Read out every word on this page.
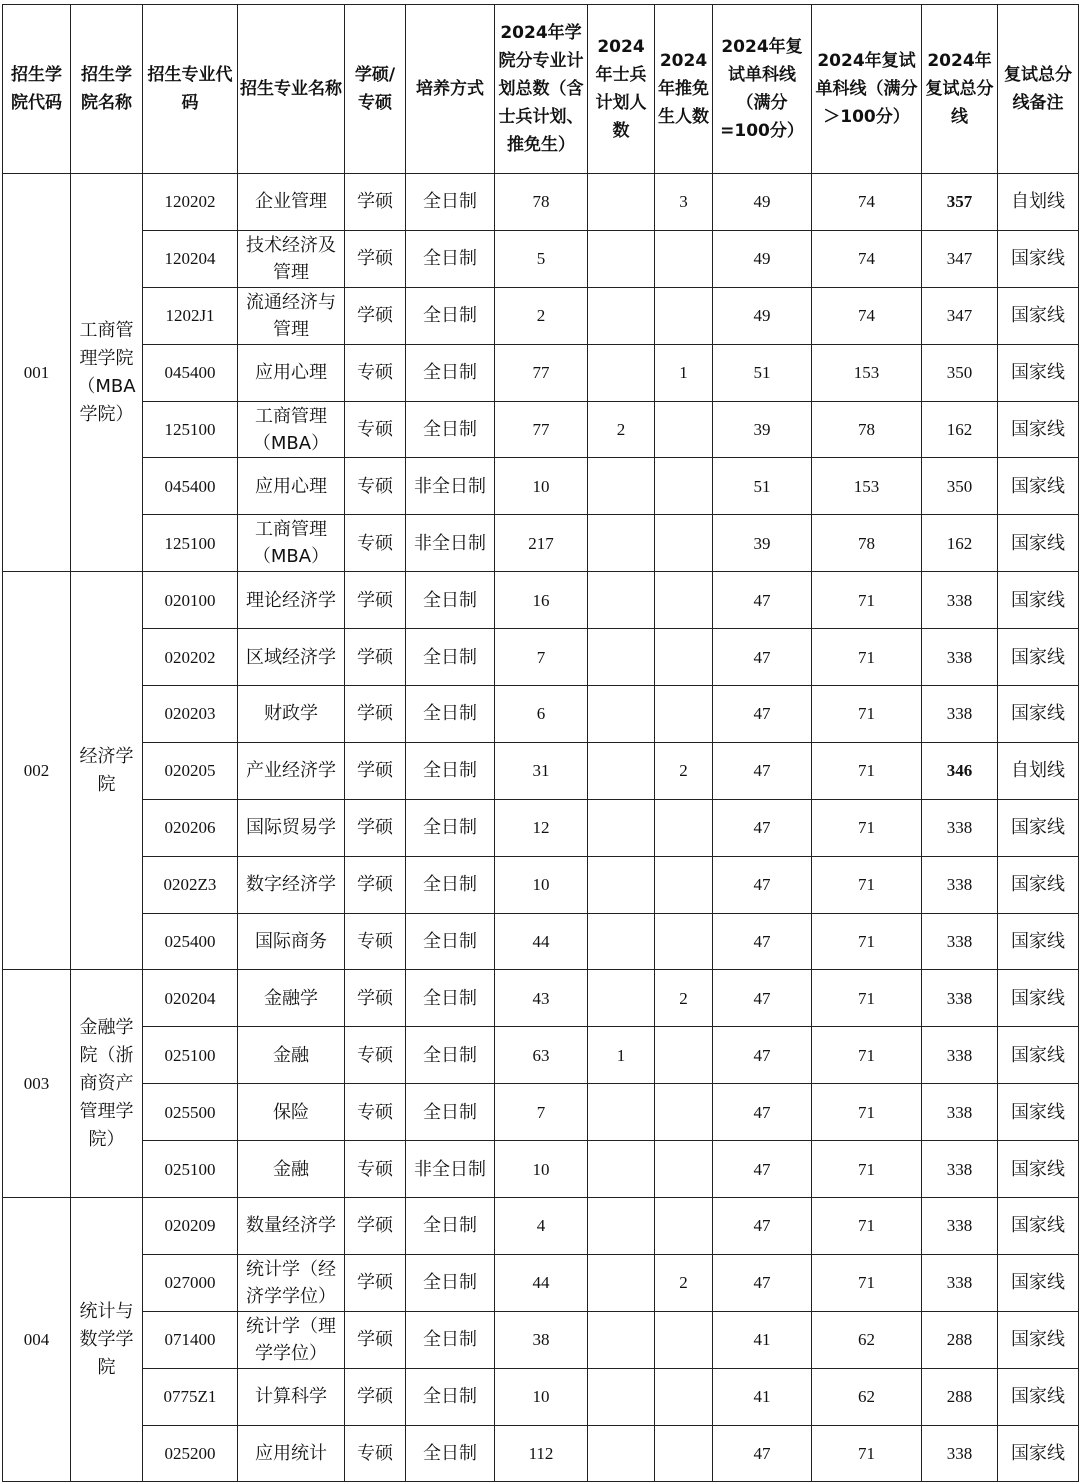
招生学院代码	招生学院名称	招生专业代码	招生专业名称	学硕/专硕	培养方式	2024年学院分专业计划总数（含士兵计划、推免生）	2024年士兵计划人数	2024年推免生人数	2024年复试单科线（满分=100分）	2024年复试单科线（满分＞100分）	2024年复试总分线	复试总分线备注
001	工商管理学院（MBA学院）	120202	企业管理	学硕	全日制	78		3	49	74	357	自划线
		120204	技术经济及管理	学硕	全日制	5			49	74	347	国家线
		1202J1	流通经济与管理	学硕	全日制	2			49	74	347	国家线
		045400	应用心理	专硕	全日制	77		1	51	153	350	国家线
		125100	工商管理（MBA）	专硕	全日制	77	2		39	78	162	国家线
		045400	应用心理	专硕	非全日制	10			51	153	350	国家线
		125100	工商管理（MBA）	专硕	非全日制	217			39	78	162	国家线
002	经济学院	020100	理论经济学	学硕	全日制	16			47	71	338	国家线
		020202	区域经济学	学硕	全日制	7			47	71	338	国家线
		020203	财政学	学硕	全日制	6			47	71	338	国家线
		020205	产业经济学	学硕	全日制	31		2	47	71	346	自划线
		020206	国际贸易学	学硕	全日制	12			47	71	338	国家线
		0202Z3	数字经济学	学硕	全日制	10			47	71	338	国家线
		025400	国际商务	专硕	全日制	44			47	71	338	国家线
003	金融学院（浙商资产管理学院）	020204	金融学	学硕	全日制	43		2	47	71	338	国家线
		025100	金融	专硕	全日制	63	1		47	71	338	国家线
		025500	保险	专硕	全日制	7			47	71	338	国家线
		025100	金融	专硕	非全日制	10			47	71	338	国家线
004	统计与数学学院	020209	数量经济学	学硕	全日制	4			47	71	338	国家线
		027000	统计学（经济学学位）	学硕	全日制	44		2	47	71	338	国家线
		071400	统计学（理学学位）	学硕	全日制	38			41	62	288	国家线
		0775Z1	计算科学	学硕	全日制	10			41	62	288	国家线
		025200	应用统计	专硕	全日制	112			47	71	338	国家线
